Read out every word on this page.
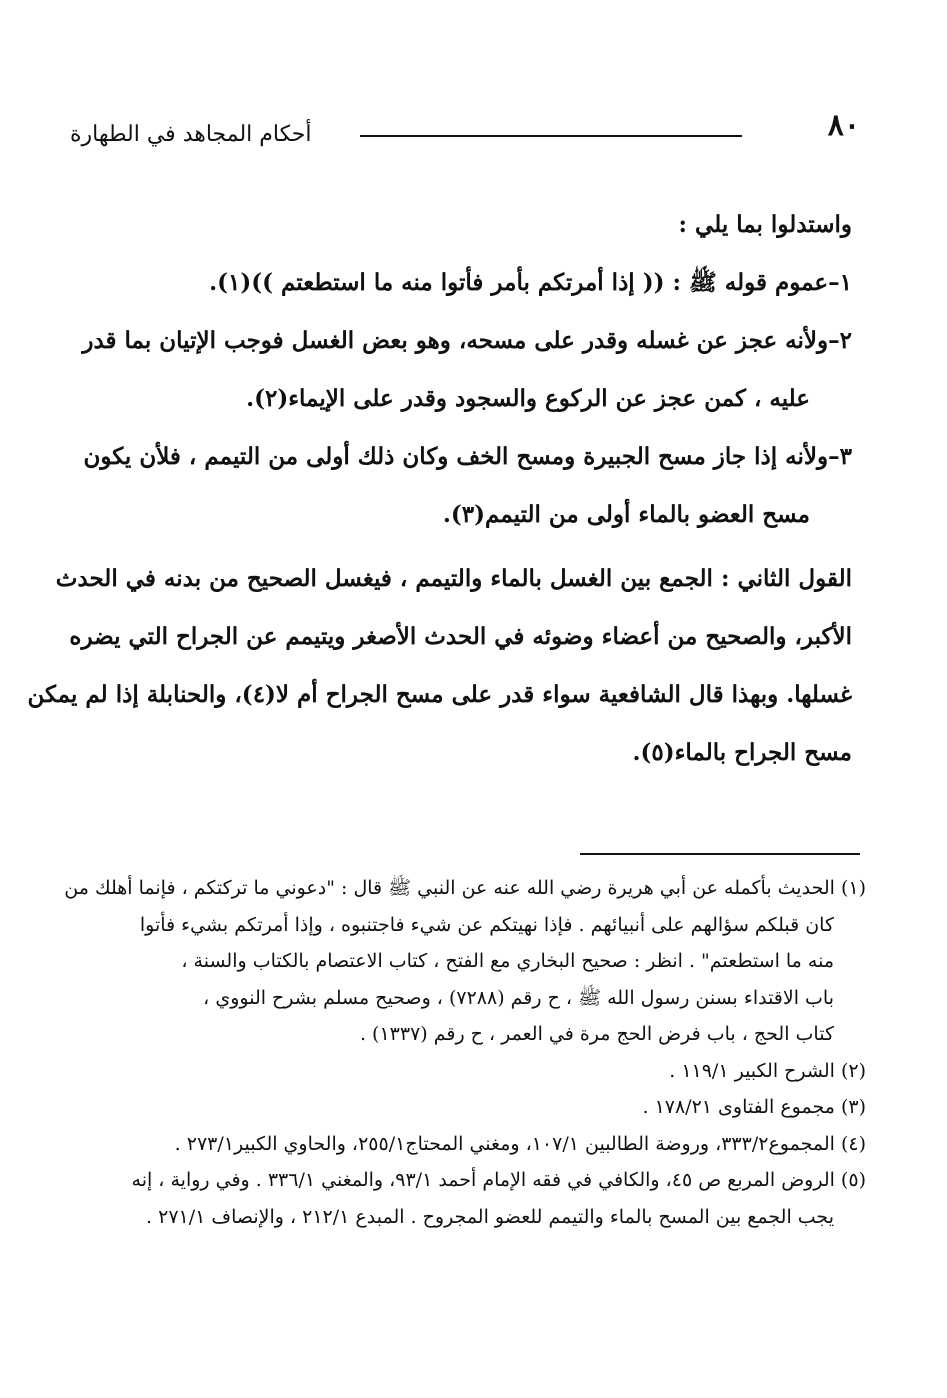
٨٠
أحكام المجاهد في الطهارة

واستدلوا بما يلي :

١–عموم قوله ﷺ : (( إذا أمرتكم بأمر فأتوا منه ما استطعتم ))(١).

٢–ولأنه عجز عن غسله وقدر على مسحه، وهو بعض الغسل فوجب الإتيان بما قدر

عليه ، كمن عجز عن الركوع والسجود وقدر على الإيماء(٢).

٣–ولأنه إذا جاز مسح الجبيرة ومسح الخف وكان ذلك أولى من التيمم ، فلأن يكون

مسح العضو بالماء أولى من التيمم(٣).

القول الثاني : الجمع بين الغسل بالماء والتيمم ، فيغسل الصحيح من بدنه في الحدث

الأكبر، والصحيح من أعضاء وضوئه في الحدث الأصغر ويتيمم عن الجراح التي يضره

غسلها. وبهذا قال الشافعية سواء قدر على مسح الجراح أم لا(٤)، والحنابلة إذا لم يمكن

مسح الجراح بالماء(٥).

(١) الحديث بأكمله عن أبي هريرة رضي الله عنه عن النبي ﷺ قال : "دعوني ما تركتكم ، فإنما أهلك من

كان قبلكم سؤالهم على أنبيائهم . فإذا نهيتكم عن شيء فاجتنبوه ، وإذا أمرتكم بشيء فأتوا

منه ما استطعتم" . انظر : صحيح البخاري مع الفتح ، كتاب الاعتصام بالكتاب والسنة ،

باب الاقتداء بسنن رسول الله ﷺ ، ح رقم (٧٢٨٨) ، وصحيح مسلم بشرح النووي ،

كتاب الحج ، باب فرض الحج مرة في العمر ، ح رقم (١٣٣٧) .

(٢) الشرح الكبير ١١٩/١ .

(٣) مجموع الفتاوى ١٧٨/٢١ .

(٤) المجموع٣٣٣/٢، وروضة الطالبين ١٠٧/١، ومغني المحتاج٢٥٥/١، والحاوي الكبير٢٧٣/١ .

(٥) الروض المربع ص ٤٥، والكافي في فقه الإمام أحمد ٩٣/١، والمغني ٣٣٦/١ . وفي رواية ، إنه

يجب الجمع بين المسح بالماء والتيمم للعضو المجروح . المبدع ٢١٢/١ ، والإنصاف ٢٧١/١ .
